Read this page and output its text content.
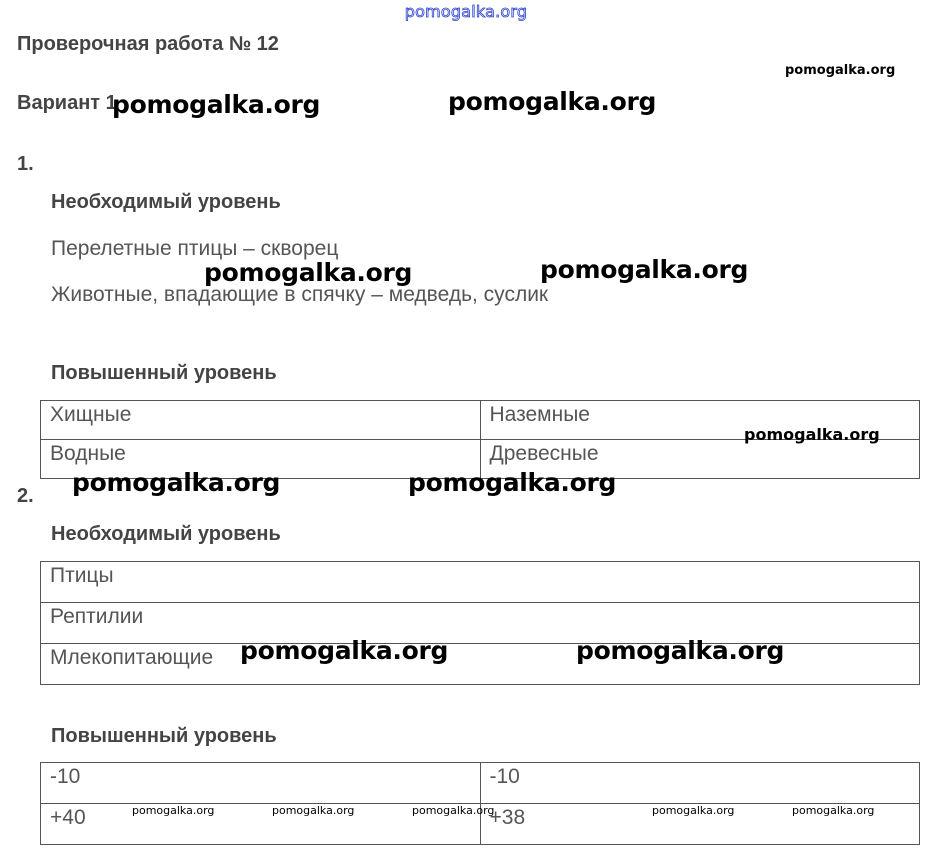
pomogalka.org
Проверочная работа № 12
pomogalka.org
Вариант 1
pomogalka.org	pomogalka.org
1.
Необходимый уровень
Перелетные птицы – скворец
Животные, впадающие в спячку – медведь, суслик
pomogalka.org	pomogalka.org
Повышенный уровень
Хищные	Наземные
Водные	Древесные
pomogalka.org
2. pomogalka.org	pomogalka.org
Необходимый уровень
Птицы
Рептилии
Млекопитающие pomogalka.org	pomogalka.org
Повышенный уровень
-10	-10
+40	+38
pomogalka.org	pomogalka.org	pomogalka.org	pomogalka.org	pomogalka.org
